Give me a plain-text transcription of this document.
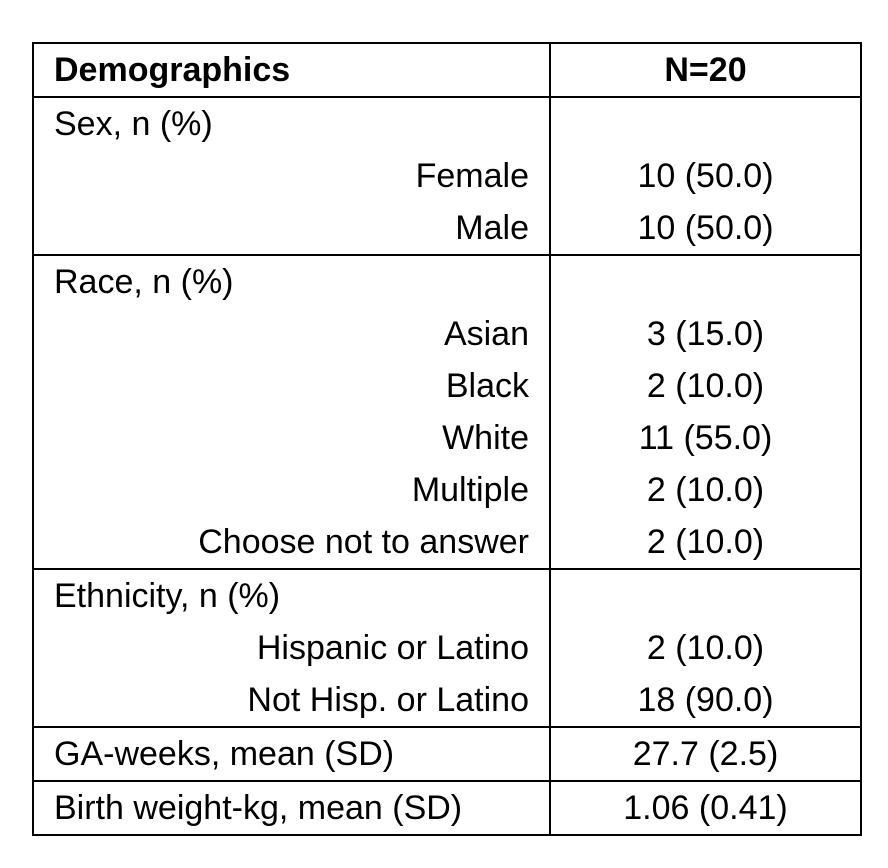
Demographics	N=20
Sex, n (%)	
Female	10 (50.0)
Male	10 (50.0)
Race, n (%)	
Asian	3 (15.0)
Black	2 (10.0)
White	11 (55.0)
Multiple	2 (10.0)
Choose not to answer	2 (10.0)
Ethnicity, n (%)	
Hispanic or Latino	2 (10.0)
Not Hisp. or Latino	18 (90.0)
GA-weeks, mean (SD)	27.7 (2.5)
Birth weight-kg, mean (SD)	1.06 (0.41)
